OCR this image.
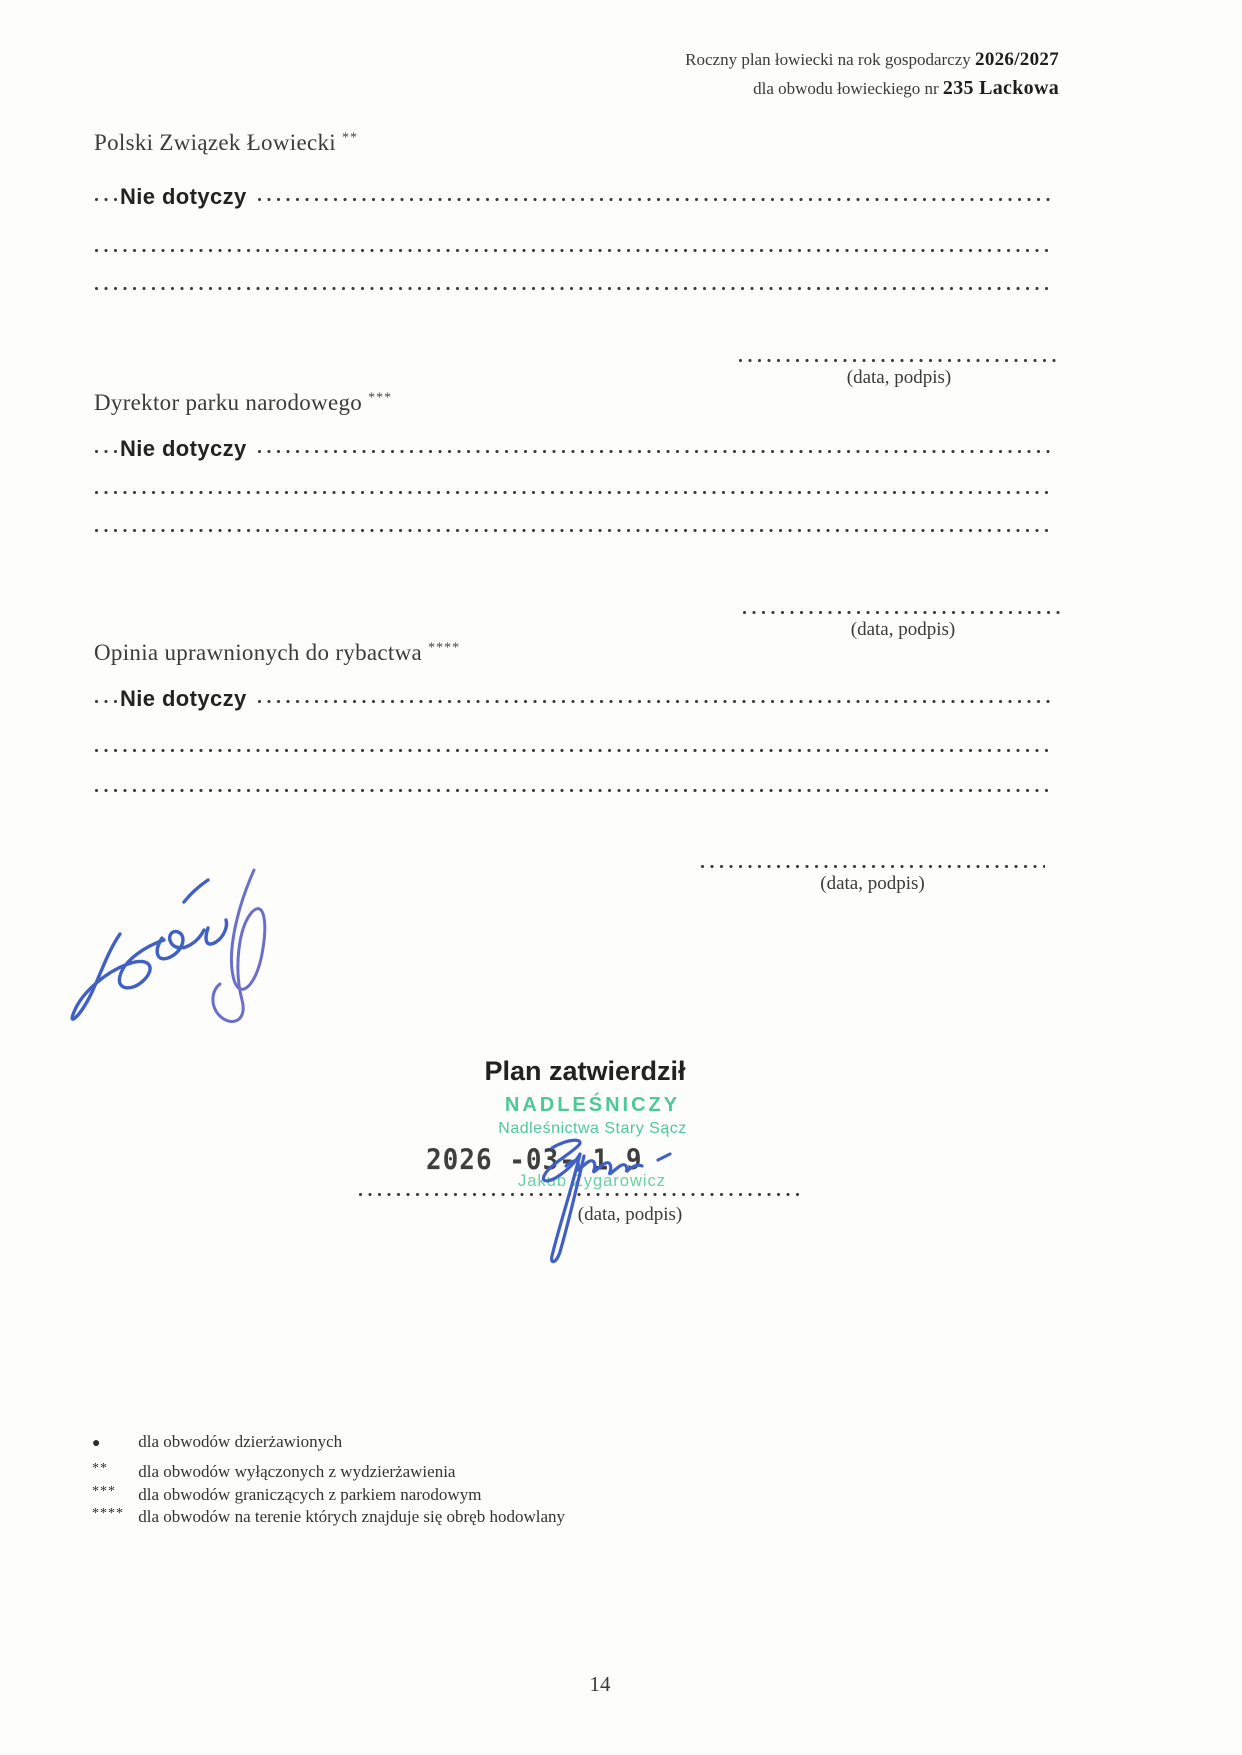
Roczny plan łowiecki na rok gospodarczy 2026/2027
dla obwodu łowieckiego nr 235 Lackowa
Polski Związek Łowiecki **
Nie dotyczy
(data, podpis)
Dyrektor parku narodowego ***
Nie dotyczy
(data, podpis)
Opinia uprawnionych do rybactwa ****
Nie dotyczy
(data, podpis)
Plan zatwierdził
NADLEŚNICZY
Nadleśnictwa Stary Sącz
2026 -03- 1 9
Jakub Zygarowicz
(data, podpis)
● dla obwodów dzierżawionych
** dla obwodów wyłączonych z wydzierżawienia
*** dla obwodów graniczących z parkiem narodowym
**** dla obwodów na terenie których znajduje się obręb hodowlany
14
